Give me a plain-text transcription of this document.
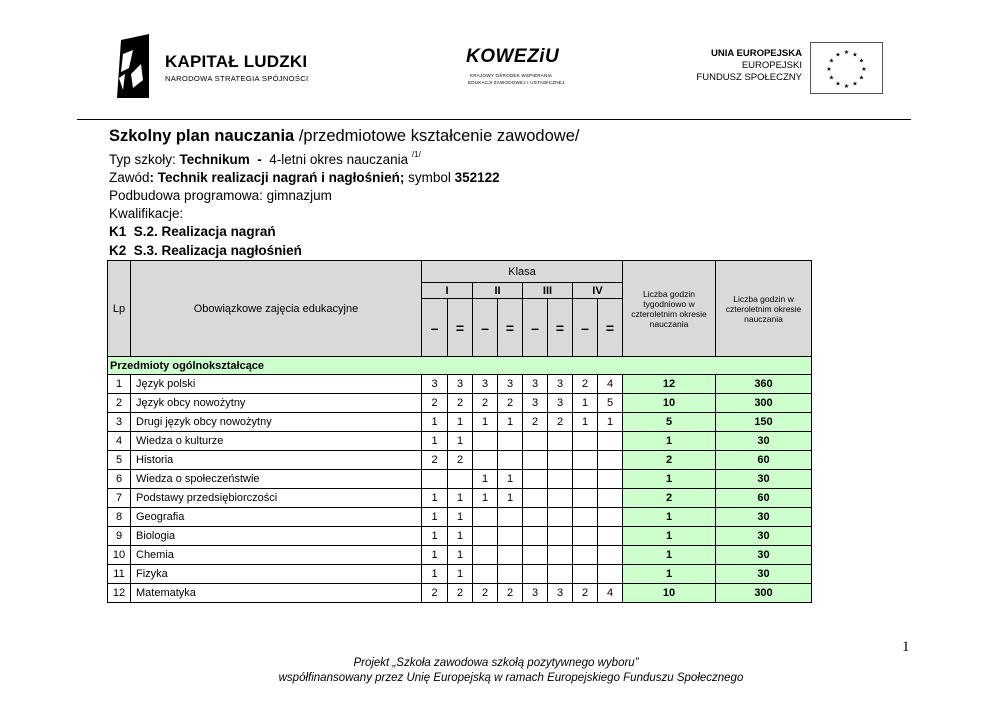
KAPITAŁ LUDZKI
NARODOWA STRATEGIA SPÓJNOŚCI
KOWEZiU
KRAJOWY OŚRODEK WSPIERANIA
EDUKACJI ZAWODOWEJ I USTAWICZNEJ
UNIA EUROPEJSKA
EUROPEJSKI
FUNDUSZ SPOŁECZNY
★ ★
★
★
★
★
★
★
★
★
★
★
Szkolny plan nauczania /przedmiotowe kształcenie zawodowe/
Typ szkoły: Technikum  -  4-letni okres nauczania $^{/1/}$
Zawód: Technik realizacji nagrań i nagłośnień; symbol 352122
Podbudowa programowa: gimnazjum
Kwalifikacje:
K1  S.2. Realizacja nagrań
K2  S.3. Realizacja nagłośnień
Lp	Obowiązkowe zajęcia edukacyjne	Klasa								Liczba godzin tygodniowo w czteroletnim okresie nauczania	Liczba godzin w czteroletnim okresie nauczania
		I		II		III		IV			
		–	=	–	=	–	=	–	=		
Przedmioty ogólnokształcące											
1	Język polski	3	3	3	3	3	3	2	4	12	360
2	Język obcy nowożytny	2	2	2	2	3	3	1	5	10	300
3	Drugi język obcy nowożytny	1	1	1	1	2	2	1	1	5	150
4	Wiedza o kulturze	1	1							1	30
5	Historia	2	2							2	60
6	Wiedza o społeczeństwie			1	1					1	30
7	Podstawy przedsiębiorczości	1	1	1	1					2	60
8	Geografia	1	1							1	30
9	Biologia	1	1							1	30
10	Chemia	1	1							1	30
11	Fizyka	1	1							1	30
12	Matematyka	2	2	2	2	3	3	2	4	10	300
1
Projekt „Szkoła zawodowa szkołą pozytywnego wyboru”
współfinansowany przez Unię Europejską w ramach Europejskiego Funduszu Społecznego
